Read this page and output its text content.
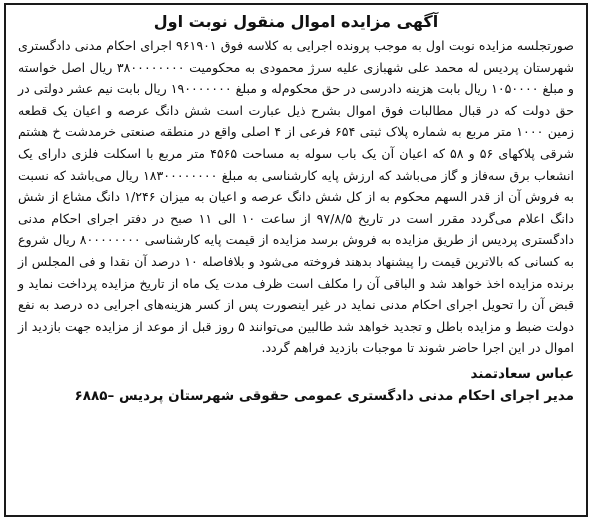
آگهی مزایده اموال منقول نوبت اول

صورتجلسه مزایده نوبت اول به موجب پرونده اجرایی به کلاسه فوق ۹۶۱۹۰۱ اجرای احکام مدنی دادگستری شهرستان پردیس له محمد علی شهبازی علیه سرژ محمودی به محکومیت ۳۸۰۰۰۰۰۰۰۰ ریال اصل خواسته و مبلغ ۱۰۵۰۰۰۰ ریال بابت هزینه دادرسی در حق محکوم‌له و مبلغ ۱۹۰۰۰۰۰۰۰ ریال بابت نیم عشر دولتی در حق دولت که در قبال مطالبات فوق اموال بشرح ذیل عبارت است شش دانگ عرصه و اعیان یک قطعه زمین ۱۰۰۰ متر مربع به شماره پلاک ثبتی ۶۵۴ فرعی از ۴ اصلی واقع در منطقه صنعتی خرمدشت خ هشتم شرقی پلاکهای ۵۶ و ۵۸ که اعیان آن یک باب سوله به مساحت ۴۵۶۵ متر مربع با اسکلت فلزی دارای یک انشعاب برق سه‌فاز و گاز می‌باشد که ارزش پایه کارشناسی به مبلغ ۱۸۳۰۰۰۰۰۰۰۰ ریال می‌باشد که نسبت به فروش آن از قدر السهم محکوم به از کل شش دانگ عرصه و اعیان به میزان ۱/۲۴۶ دانگ مشاع از شش دانگ اعلام می‌گردد مقرر است در تاریخ ۹۷/۸/۵ از ساعت ۱۰ الی ۱۱ صبح در دفتر اجرای احکام مدنی دادگستری پردیس از طریق مزایده به فروش برسد مزایده از قیمت پایه کارشناسی ۸۰۰۰۰۰۰۰۰ ریال شروع به کسانی که بالاترین قیمت را پیشنهاد بدهند فروخته می‌شود و بلافاصله ۱۰ درصد آن نقدا و فی المجلس از برنده مزایده اخذ خواهد شد و الباقی آن را مکلف است ظرف مدت یک ماه از تاریخ مزایده پرداخت نماید و قبض آن را تحویل اجرای احکام مدنی نماید در غیر اینصورت پس از کسر هزینه‌های اجرایی ده درصد به نفع دولت ضبط و مزایده باطل و تجدید خواهد شد طالبین می‌توانند ۵ روز قبل از موعد از مزایده جهت بازدید از اموال در این اجرا حاضر شوند تا موجبات بازدید فراهم گردد.

عباس سعادتمند
مدیر اجرای احکام مدنی دادگستری عمومی حقوقی شهرستان پردیس –۶۸۸۵
